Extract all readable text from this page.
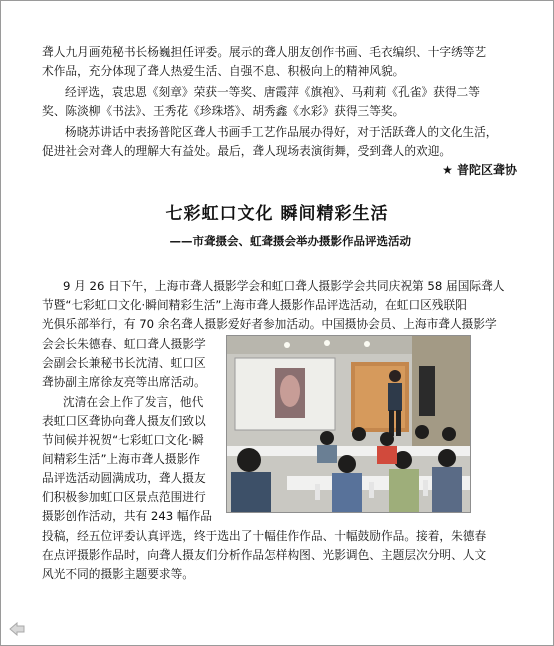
聋人九月画苑秘书长杨巍担任评委。展示的聋人朋友创作书画、毛衣编织、十字绣等艺

术作品，充分体现了聋人热爱生活、自强不息、积极向上的精神风貌。

经评选，袁忠恩《刻章》荣获一等奖、唐霞萍《旗袍》、马莉莉《孔雀》获得二等

奖、陈淡柳《书法》、王秀花《珍珠塔》、胡秀鑫《水彩》获得三等奖。

杨晓苏讲话中表扬普陀区聋人书画手工艺作品展办得好，对于活跃聋人的文化生活，

促进社会对聋人的理解大有益处。最后，聋人现场表演街舞，受到聋人的欢迎。

★ 普陀区聋协
七彩虹口文化 瞬间精彩生活
——市聋摄会、虹聋摄会举办摄影作品评选活动

9 月 26 日下午，上海市聋人摄影学会和虹口聋人摄影学会共同庆祝第 58 届国际聋人

节暨“七彩虹口文化·瞬间精彩生活”上海市聋人摄影作品评选活动，在虹口区残联阳

光俱乐部举行，有 70 余名聋人摄影爱好者参加活动。中国摄协会员、上海市聋人摄影学

会会长朱德春、虹口聋人摄影学

会副会长兼秘书长沈清、虹口区

聋协副主席徐友亮等出席活动。

沈清在会上作了发言，他代

表虹口区聋协向聋人摄友们致以

节间候并祝贺“七彩虹口文化·瞬

间精彩生活”上海市聋人摄影作

品评选活动圆满成功，聋人摄友

们积极参加虹口区景点范围进行

摄影创作活动，共有 243 幅作品

投稿，经五位评委认真评选，终于选出了十幅佳作作品、十幅鼓励作品。接着，朱德春

在点评摄影作品时，向聋人摄友们分析作品怎样构图、光影调色、主题层次分明、人文

风光不同的摄影主题要求等。
